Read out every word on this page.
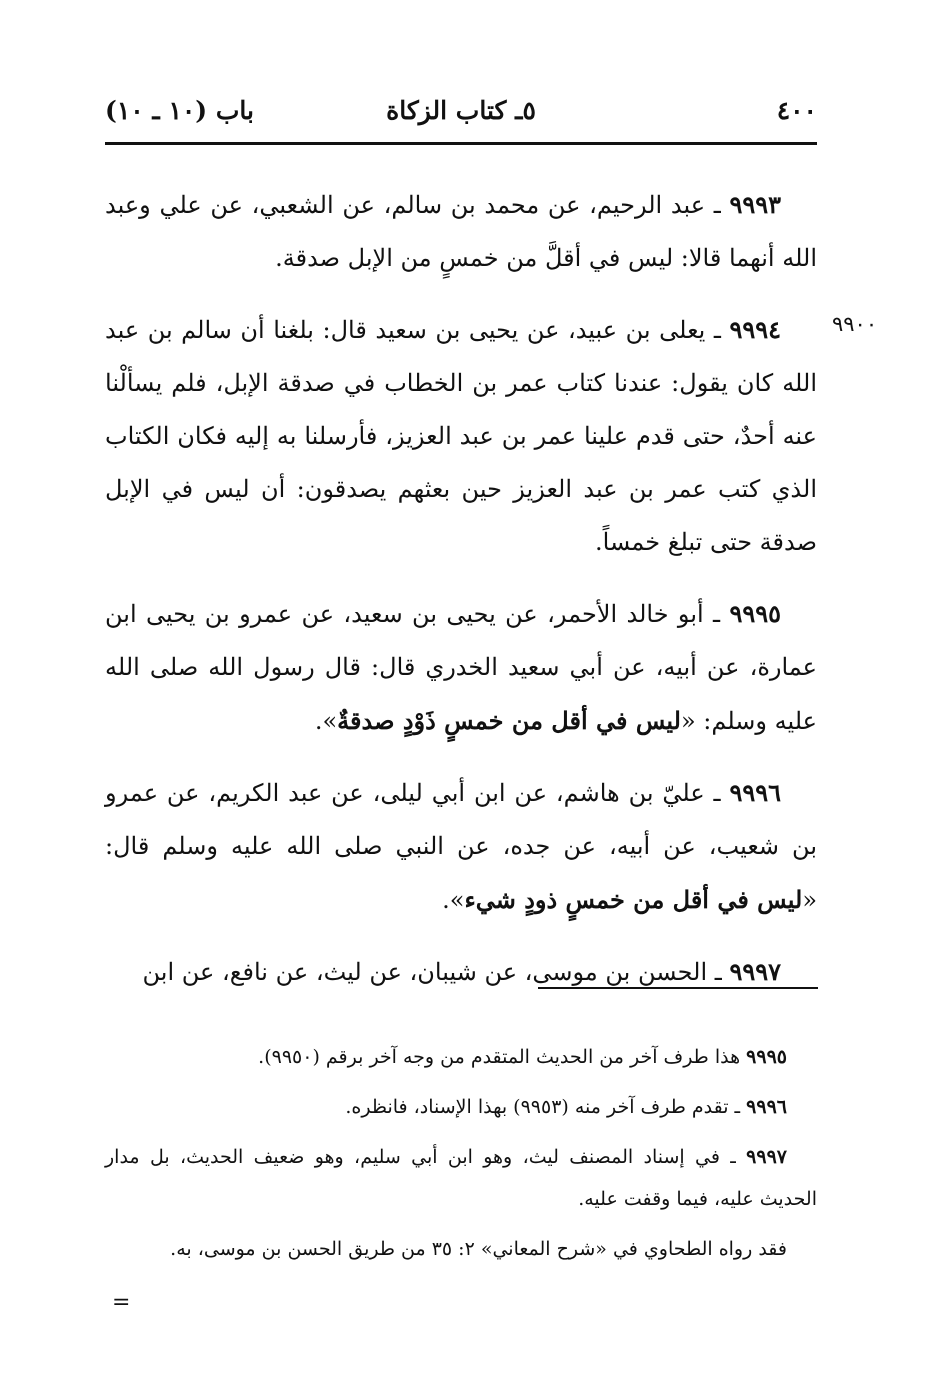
٤٠٠
٥ـ كتاب الزكاة
باب (١٠ ـ ١٠)
٩٩٠٠

٩٩٩٣ ـ عبد الرحيم، عن محمد بن سالم، عن الشعبي، عن علي وعبد الله أنهما قالا: ليس في أقلَّ من خمسٍ من الإبل صدقة.

٩٩٩٤ ـ يعلى بن عبيد، عن يحيى بن سعيد قال: بلغنا أن سالم بن عبد الله كان يقول: عندنا كتاب عمر بن الخطاب في صدقة الإبل، فلم يسألْنا عنه أحدٌ، حتى قدم علينا عمر بن عبد العزيز، فأرسلنا به إليه فكان الكتاب الذي كتب عمر بن عبد العزيز حين بعثهم يصدقون: أن ليس في الإبل صدقة حتى تبلغ خمساً.

٩٩٩٥ ـ أبو خالد الأحمر، عن يحيى بن سعيد، عن عمرو بن يحيى ابن عمارة، عن أبيه، عن أبي سعيد الخدري قال: قال رسول الله صلى الله عليه وسلم: «ليس في أقل من خمسٍ ذَوْدٍ صدقةٌ».

٩٩٩٦ ـ عليّ بن هاشم، عن ابن أبي ليلى، عن عبد الكريم، عن عمرو بن شعيب، عن أبيه، عن جده، عن النبي صلى الله عليه وسلم قال: «ليس في أقل من خمسٍ ذودٍ شيء».

٩٩٩٧ ـ الحسن بن موسى، عن شيبان، عن ليث، عن نافع، عن ابن

٩٩٩٥ هذا طرف آخر من الحديث المتقدم من وجه آخر برقم (٩٩٥٠).

٩٩٩٦ ـ تقدم طرف آخر منه (٩٩٥٣) بهذا الإسناد، فانظره.

٩٩٩٧ ـ في إسناد المصنف ليث، وهو ابن أبي سليم، وهو ضعيف الحديث، بل مدار الحديث عليه، فيما وقفت عليه.

فقد رواه الطحاوي في «شرح المعاني» ٢: ٣٥ من طريق الحسن بن موسى، به.

=
